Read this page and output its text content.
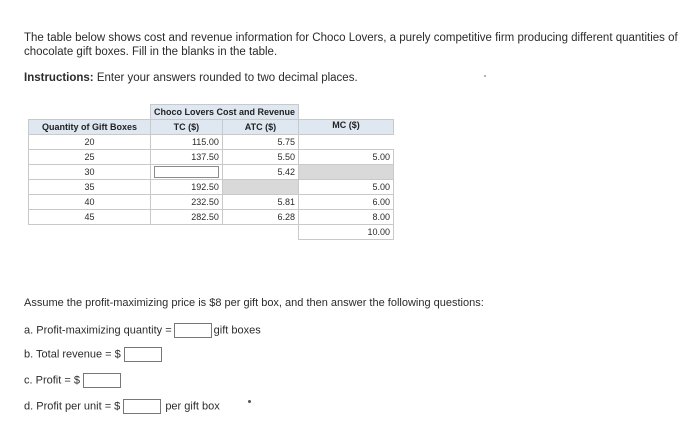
The table below shows cost and revenue information for Choco Lovers, a purely competitive firm producing different quantities of chocolate gift boxes. Fill in the blanks in the table.

Instructions: Enter your answers rounded to two decimal places.

	Choco Lovers Cost and Revenue		
Quantity of Gift Boxes	TC ($)	ATC ($)	MC ($)
20	115.00	5.75	
25	137.50	5.50	5.00
30		5.42	
35	192.50		5.00
40	232.50	5.81	6.00
45	282.50	6.28	8.00
			10.00

Assume the profit-maximizing price is $8 per gift box, and then answer the following questions:

a. Profit-maximizing quantity =	gift boxes

b. Total revenue = $

c. Profit = $

d. Profit per unit = $	per gift box
